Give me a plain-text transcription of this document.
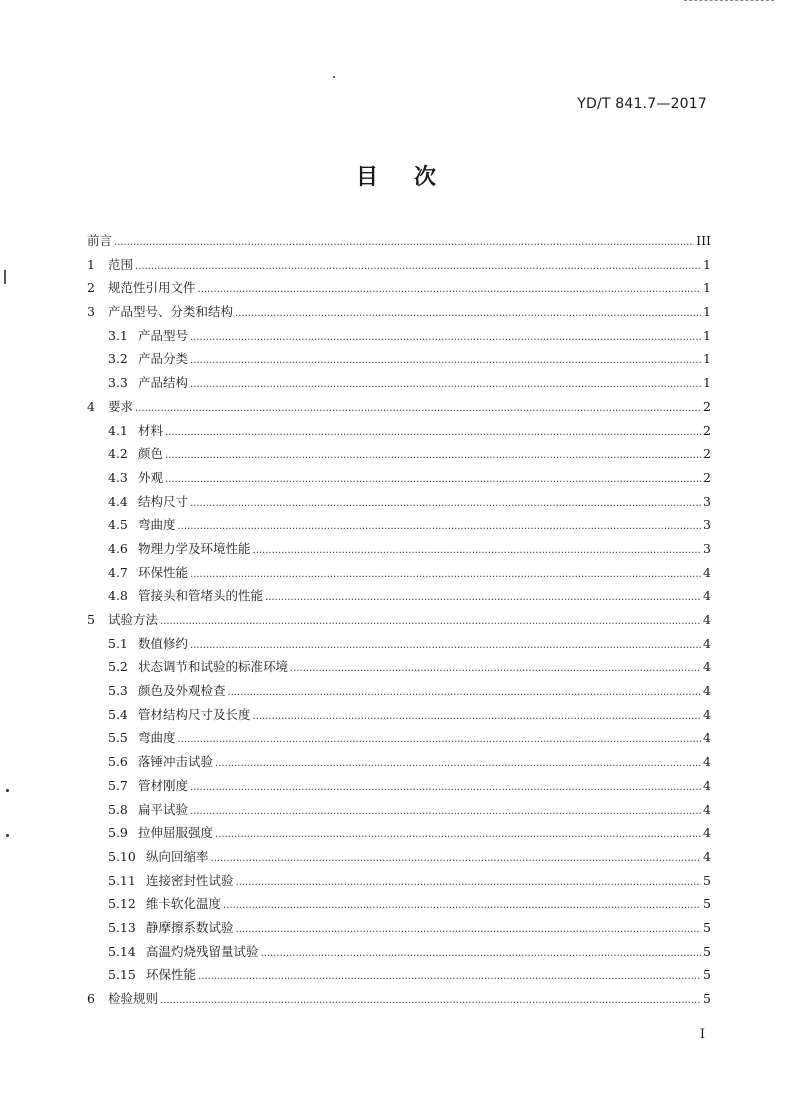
YD/T 841.7—2017
目 次
前言 .....	III
1	范围 .....	1
2	规范性引用文件 .....	1
3	产品型号、分类和结构 .....	1
3.1 产品型号 .....	1
3.2 产品分类 .....	1
3.3 产品结构 .....	1
4	要求 .....	2
4.1 材料 .....	2
4.2 颜色 .....	2
4.3 外观 .....	2
4.4 结构尺寸 .....	3
4.5 弯曲度 .....	3
4.6 物理力学及环境性能 .....	3
4.7 环保性能 .....	4
4.8 管接头和管堵头的性能 .....	4
5	试验方法 .....	4
5.1 数值修约 .....	4
5.2 状态调节和试验的标准环境 .....	4
5.3 颜色及外观检查 .....	4
5.4 管材结构尺寸及长度 .....	4
5.5 弯曲度 .....	4
5.6 落锤冲击试验 .....	4
5.7 管材刚度 .....	4
5.8 扁平试验 .....	4
5.9 拉伸屈服强度 .....	4
5.10 纵向回缩率 .....	4
5.11 连接密封性试验 .....	5
5.12 维卡软化温度 .....	5
5.13 静摩擦系数试验 .....	5
5.14 高温灼烧残留量试验 .....	5
5.15 环保性能 .....	5
6	检验规则 .....	5
I
